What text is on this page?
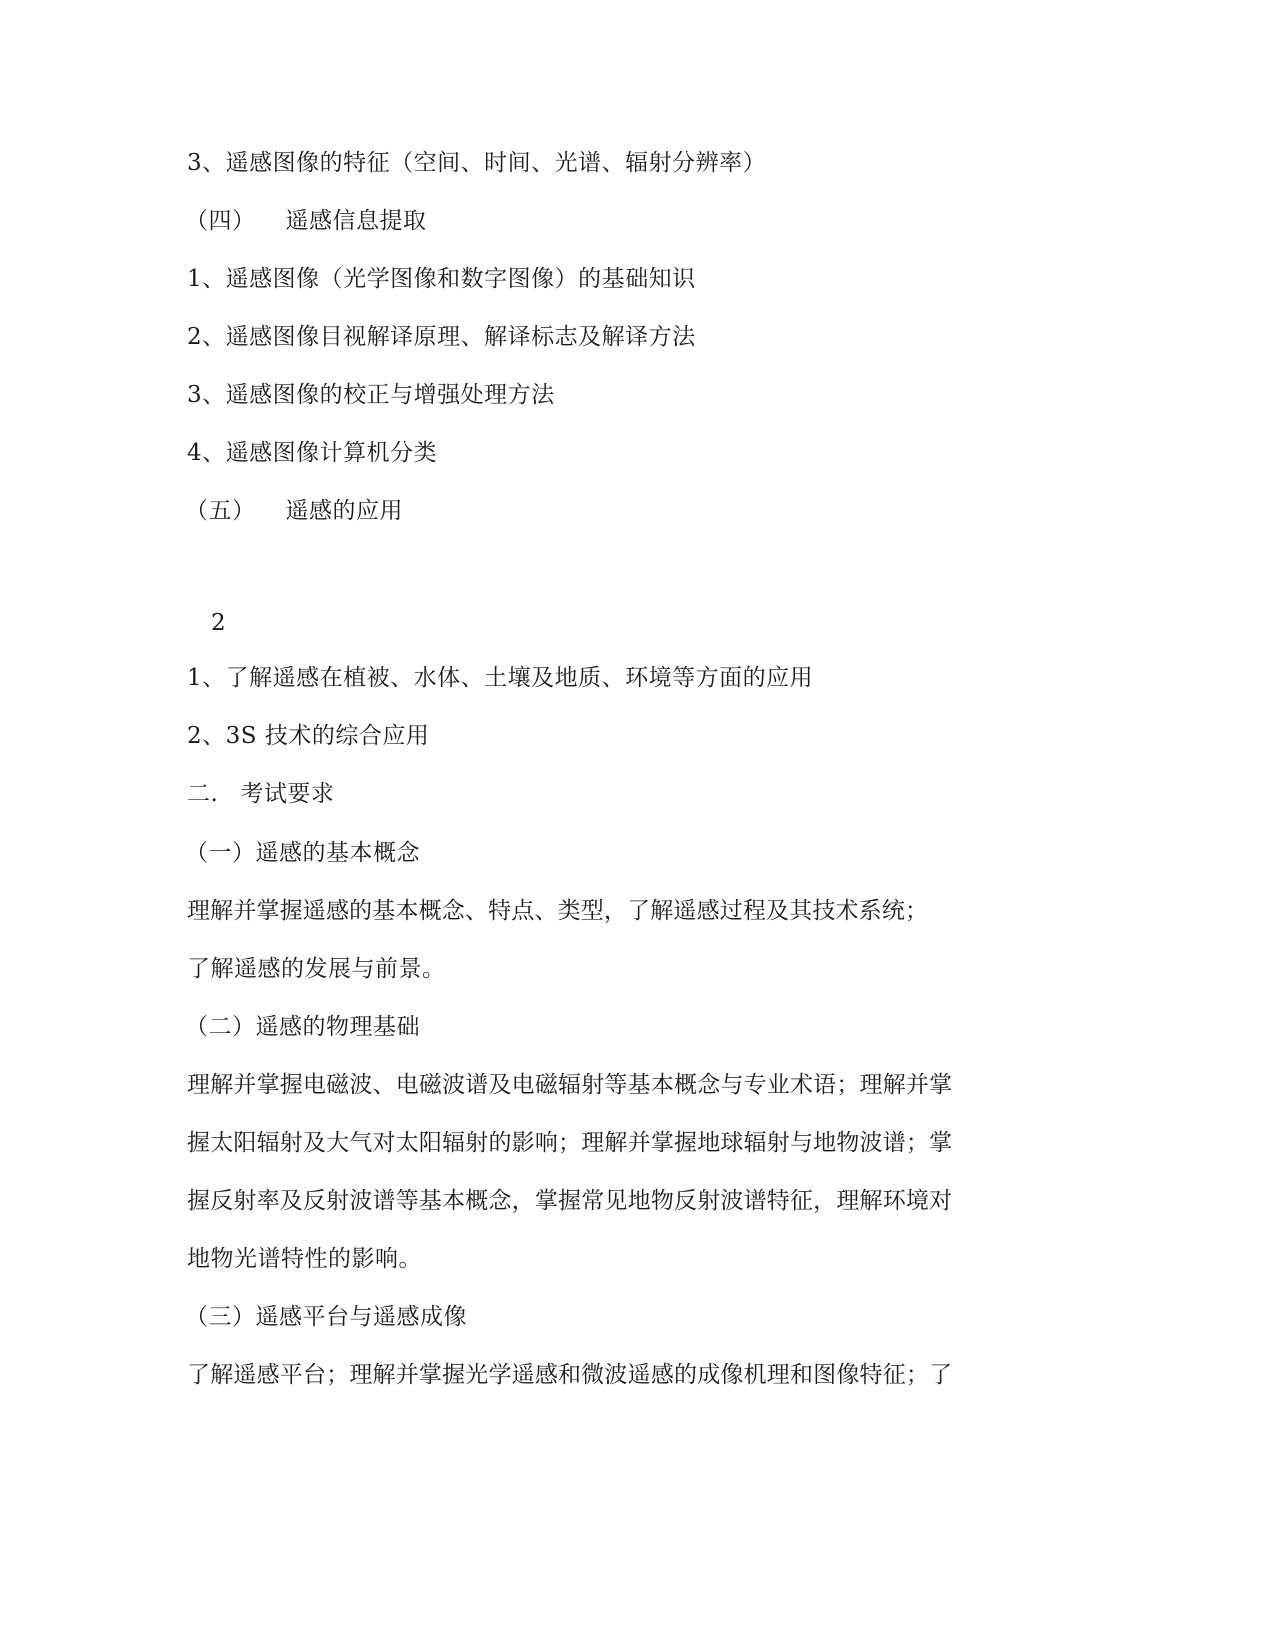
3、遥感图像的特征（空间、时间、光谱、辐射分辨率）
（四） 遥感信息提取
1、遥感图像（光学图像和数字图像）的基础知识
2、遥感图像目视解译原理、解译标志及解译方法
3、遥感图像的校正与增强处理方法
4、遥感图像计算机分类
（五） 遥感的应用
2
1、了解遥感在植被、水体、土壤及地质、环境等方面的应用
2、3S 技术的综合应用
二. 考试要求
（一）遥感的基本概念
理解并掌握遥感的基本概念、特点、类型，了解遥感过程及其技术系统；
了解遥感的发展与前景。
（二）遥感的物理基础
理解并掌握电磁波、电磁波谱及电磁辐射等基本概念与专业术语；理解并掌
握太阳辐射及大气对太阳辐射的影响；理解并掌握地球辐射与地物波谱；掌
握反射率及反射波谱等基本概念，掌握常见地物反射波谱特征，理解环境对
地物光谱特性的影响。
（三）遥感平台与遥感成像
了解遥感平台；理解并掌握光学遥感和微波遥感的成像机理和图像特征；了
